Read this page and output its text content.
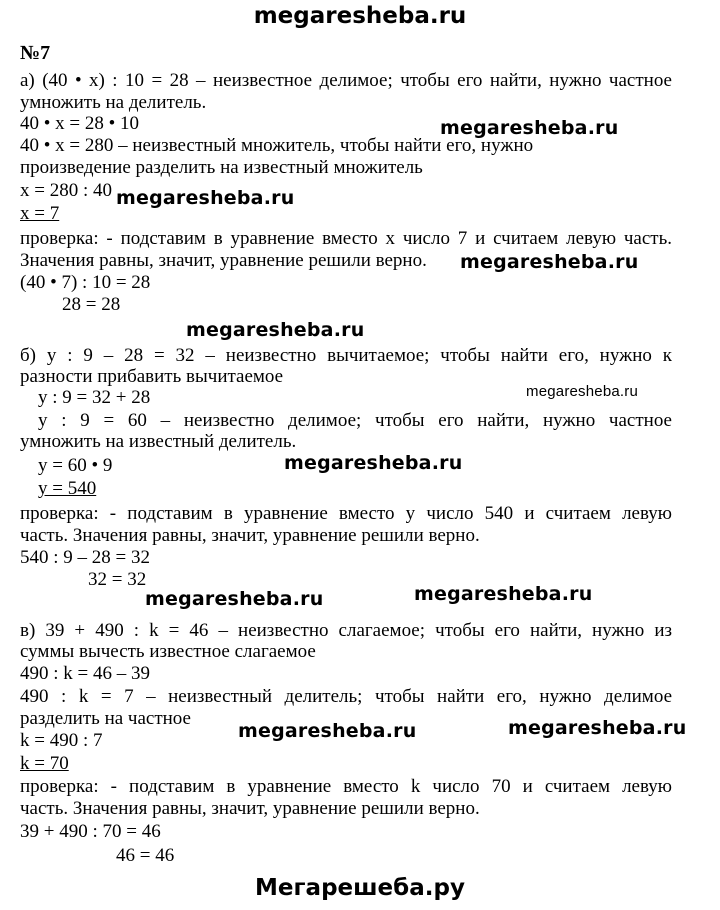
megaresheba.ru
№7
а) (40 • x) : 10 = 28 – неизвестное делимое; чтобы его найти, нужно частное
умножить на делитель.
40 • x = 28 • 10
40 • x = 280 – неизвестный множитель, чтобы найти его, нужно
произведение разделить на известный множитель
x = 280 : 40
x = 7
проверка: - подставим в уравнение вместо x число 7 и считаем левую часть.
Значения равны, значит, уравнение решили верно.
(40 • 7) : 10 = 28
28 = 28
б) y : 9 – 28 = 32 – неизвестно вычитаемое; чтобы найти его, нужно к
разности прибавить вычитаемое
y : 9 = 32 + 28
y : 9 = 60 – неизвестно делимое; чтобы его найти, нужно частное
умножить на известный делитель.
y = 60 • 9
y = 540
проверка: - подставим в уравнение вместо y число 540 и считаем левую
часть. Значения равны, значит, уравнение решили верно.
540 : 9 – 28 = 32
32 = 32
в) 39 + 490 : k = 46 – неизвестно слагаемое; чтобы его найти, нужно из
суммы вычесть известное слагаемое
490 : k = 46 – 39
490 : k = 7 – неизвестный делитель; чтобы найти его, нужно делимое
разделить на частное
k = 490 : 7
k = 70
проверка: - подставим в уравнение вместо k число 70 и считаем левую
часть. Значения равны, значит, уравнение решили верно.
39 + 490 : 70 = 46
46 = 46
megaresheba.ru
megaresheba.ru
megaresheba.ru
megaresheba.ru
megaresheba.ru
megaresheba.ru
megaresheba.ru	megaresheba.ru
megaresheba.ru	megaresheba.ru
Мегарешеба.ру
